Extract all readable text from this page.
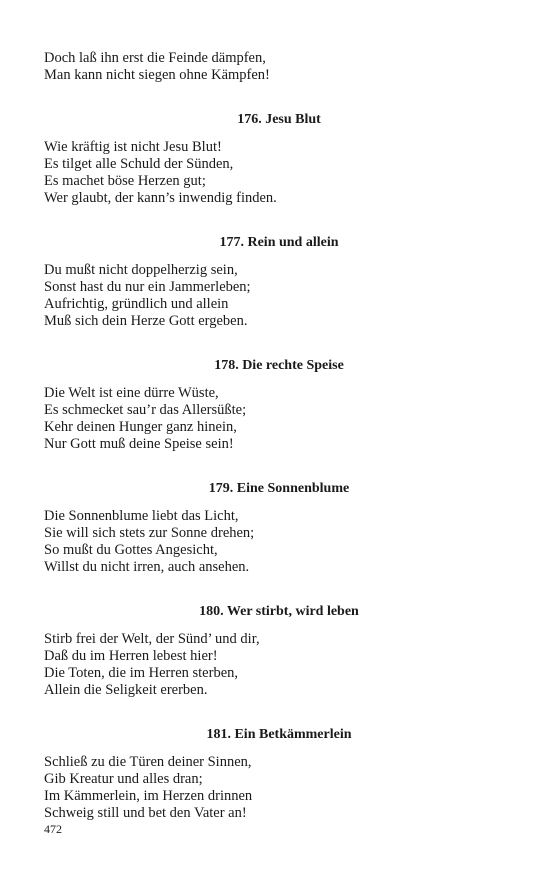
Doch laß ihn erst die Feinde dämpfen,
Man kann nicht siegen ohne Kämpfen!
176. Jesu Blut
Wie kräftig ist nicht Jesu Blut!
Es tilget alle Schuld der Sünden,
Es machet böse Herzen gut;
Wer glaubt, der kann’s inwendig finden.
177. Rein und allein
Du mußt nicht doppelherzig sein,
Sonst hast du nur ein Jammerleben;
Aufrichtig, gründlich und allein
Muß sich dein Herze Gott ergeben.
178. Die rechte Speise
Die Welt ist eine dürre Wüste,
Es schmecket sau’r das Allersüßte;
Kehr deinen Hunger ganz hinein,
Nur Gott muß deine Speise sein!
179. Eine Sonnenblume
Die Sonnenblume liebt das Licht,
Sie will sich stets zur Sonne drehen;
So mußt du Gottes Angesicht,
Willst du nicht irren, auch ansehen.
180. Wer stirbt, wird leben
Stirb frei der Welt, der Sünd’ und dir,
Daß du im Herren lebest hier!
Die Toten, die im Herren sterben,
Allein die Seligkeit ererben.
181. Ein Betkämmerlein
Schließ zu die Türen deiner Sinnen,
Gib Kreatur und alles dran;
Im Kämmerlein, im Herzen drinnen
Schweig still und bet den Vater an!
472
